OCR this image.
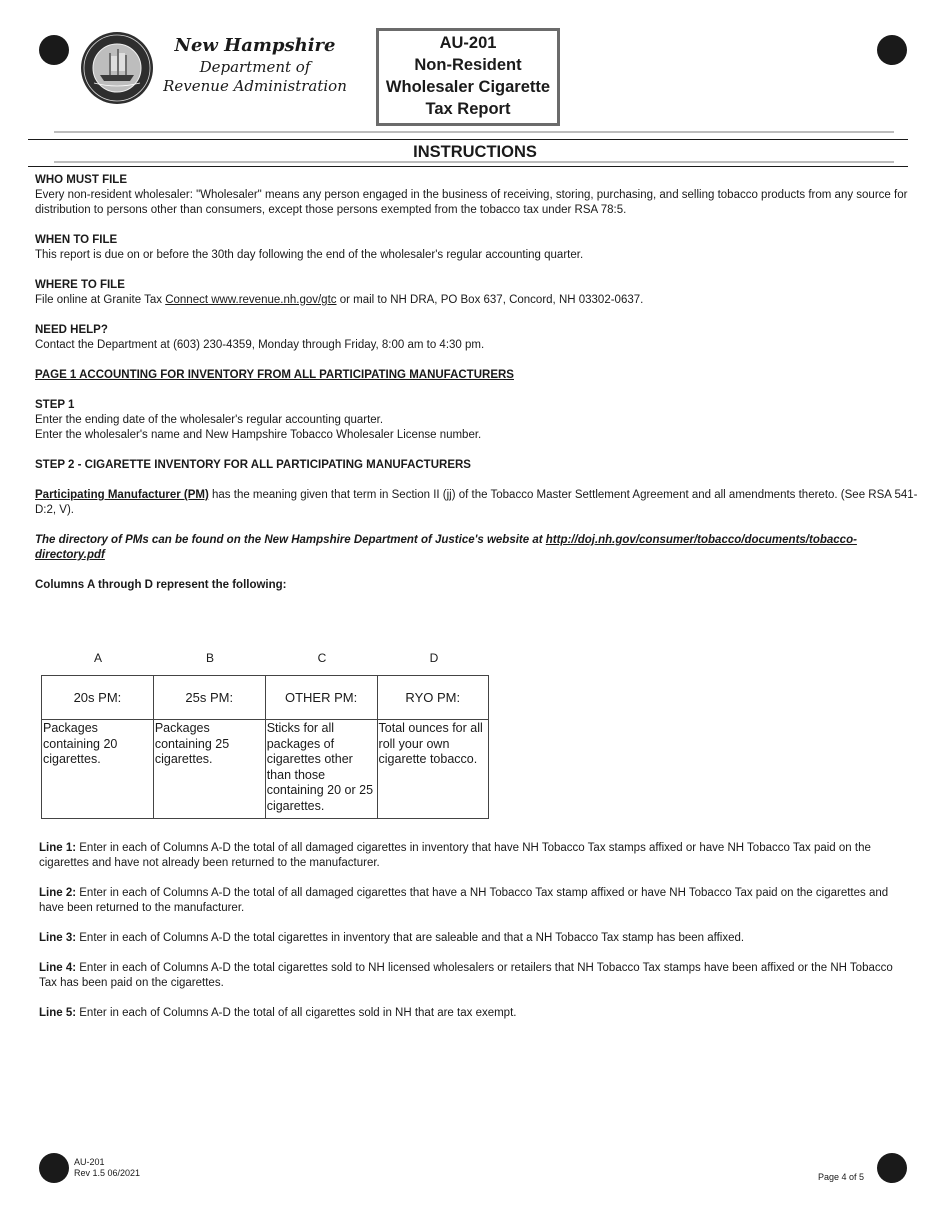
New Hampshire
Department of
Revenue Administration
AU-201
Non-Resident
Wholesaler Cigarette
Tax Report
INSTRUCTIONS

WHO MUST FILE

Every non-resident wholesaler: "Wholesaler" means any person engaged in the business of receiving, storing, purchasing, and selling tobacco products from any source for distribution to persons other than consumers, except those persons exempted from the tobacco tax under RSA 78:5.

WHEN TO FILE

This report is due on or before the 30th day following the end of the wholesaler's regular accounting quarter.

WHERE TO FILE

File online at Granite Tax Connect www.revenue.nh.gov/gtc or mail to NH DRA, PO Box 637, Concord, NH 03302-0637.

NEED HELP?

Contact the Department at (603) 230-4359, Monday through Friday, 8:00 am to 4:30 pm.

PAGE 1 ACCOUNTING FOR INVENTORY FROM ALL PARTICIPATING MANUFACTURERS

STEP 1

Enter the ending date of the wholesaler's regular accounting quarter.

Enter the wholesaler's name and New Hampshire Tobacco Wholesaler License number.

STEP 2 - CIGARETTE INVENTORY FOR ALL PARTICIPATING MANUFACTURERS

Participating Manufacturer (PM) has the meaning given that term in Section II (jj) of the Tobacco Master Settlement Agreement and all amendments thereto. (See RSA 541-D:2, V).

The directory of PMs can be found on the New Hampshire Department of Justice's website at http://doj.nh.gov/consumer/tobacco/documents/tobacco-directory.pdf

Columns A through D represent the following:

A	B	C	D
20s PM:	25s PM:	OTHER PM:	RYO PM:
Packages containing 20 cigarettes.	Packages containing 25 cigarettes.	Sticks for all packages of cigarettes other than those containing 20 or 25 cigarettes.	Total ounces for all roll your own cigarette tobacco.

Line 1: Enter in each of Columns A-D the total of all damaged cigarettes in inventory that have NH Tobacco Tax stamps affixed or have NH Tobacco Tax paid on the cigarettes and have not already been returned to the manufacturer.

Line 2: Enter in each of Columns A-D the total of all damaged cigarettes that have a NH Tobacco Tax stamp affixed or have NH Tobacco Tax paid on the cigarettes and have been returned to the manufacturer.

Line 3: Enter in each of Columns A-D the total cigarettes in inventory that are saleable and that a NH Tobacco Tax stamp has been affixed.

Line 4: Enter in each of Columns A-D the total cigarettes sold to NH licensed wholesalers or retailers that NH Tobacco Tax stamps have been affixed or the NH Tobacco Tax has been paid on the cigarettes.

Line 5: Enter in each of Columns A-D the total of all cigarettes sold in NH that are tax exempt.

AU-201
Rev 1.5 06/2021	Page 4 of 5
